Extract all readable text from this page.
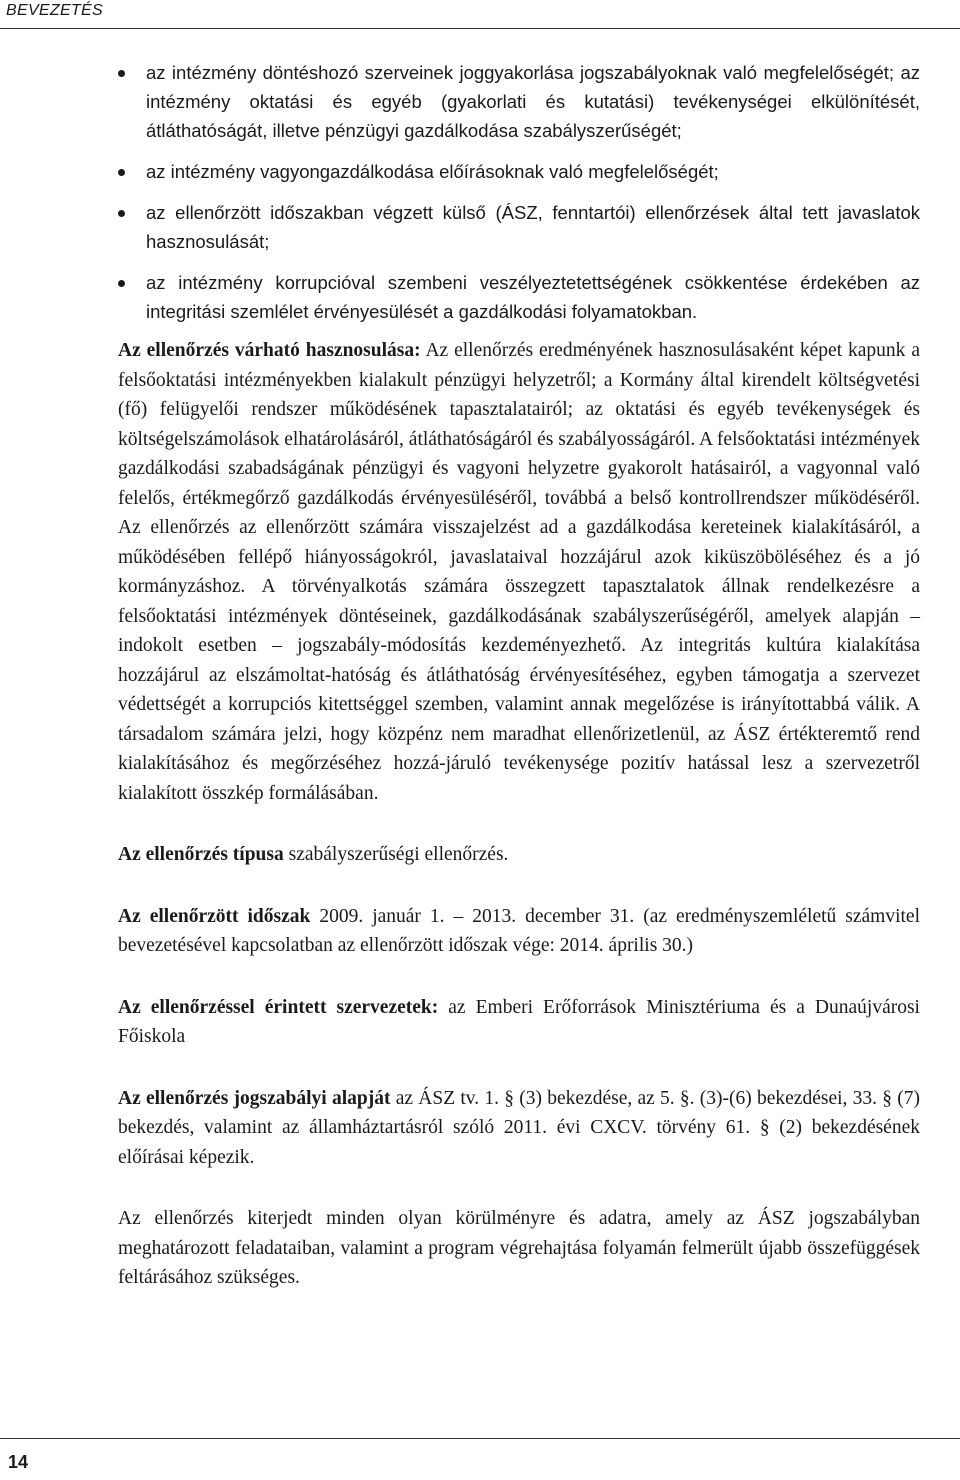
BEVEZETÉS
az intézmény döntéshozó szerveinek joggyakorlása jogszabályoknak való megfelelőségét; az intézmény oktatási és egyéb (gyakorlati és kutatási) tevékenységei elkülönítését, átláthatóságát, illetve pénzügyi gazdálkodása szabályszerűségét;
az intézmény vagyongazdálkodása előírásoknak való megfelelőségét;
az ellenőrzött időszakban végzett külső (ÁSZ, fenntartói) ellenőrzések által tett javaslatok hasznosulását;
az intézmény korrupcióval szembeni veszélyeztetettségének csökkentése érdekében az integritási szemlélet érvényesülését a gazdálkodási folyamatokban.

Az ellenőrzés várható hasznosulása: Az ellenőrzés eredményének hasznosulásaként képet kapunk a felsőoktatási intézményekben kialakult pénzügyi helyzetről; a Kormány által kirendelt költségvetési (fő) felügyelői rendszer működésének tapasztalatairól; az oktatási és egyéb tevékenységek és költségelszámolások elhatárolásáról, átláthatóságáról és szabályosságáról. A felsőoktatási intézmények gazdálkodási szabadságának pénzügyi és vagyoni helyzetre gyakorolt hatásairól, a vagyonnal való felelős, értékmegőrző gazdálkodás érvényesüléséről, továbbá a belső kontrollrendszer működéséről. Az ellenőrzés az ellenőrzött számára visszajelzést ad a gazdálkodása kereteinek kialakításáról, a működésében fellépő hiányosságokról, javaslataival hozzájárul azok kiküszöböléséhez és a jó kormányzáshoz. A törvényalkotás számára összegzett tapasztalatok állnak rendelkezésre a felsőoktatási intézmények döntéseinek, gazdálkodásának szabályszerűségéről, amelyek alapján – indokolt esetben – jogszabály-módosítás kezdeményezhető. Az integritás kultúra kialakítása hozzájárul az elszámoltat-hatóság és átláthatóság érvényesítéséhez, egyben támogatja a szervezet védettségét a korrupciós kitettséggel szemben, valamint annak megelőzése is irányítottabbá válik. A társadalom számára jelzi, hogy közpénz nem maradhat ellenőrizetlenül, az ÁSZ értékteremtő rend kialakításához és megőrzéséhez hozzá-járuló tevékenysége pozitív hatással lesz a szervezetről kialakított összkép formálásában.

Az ellenőrzés típusa szabályszerűségi ellenőrzés.

Az ellenőrzött időszak 2009. január 1. – 2013. december 31. (az eredményszemléletű számvitel bevezetésével kapcsolatban az ellenőrzött időszak vége: 2014. április 30.)

Az ellenőrzéssel érintett szervezetek: az Emberi Erőforrások Minisztériuma és a Dunaújvárosi Főiskola

Az ellenőrzés jogszabályi alapját az ÁSZ tv. 1. § (3) bekezdése, az 5. §. (3)-(6) bekezdései, 33. § (7) bekezdés, valamint az államháztartásról szóló 2011. évi CXCV. törvény 61. § (2) bekezdésének előírásai képezik.

Az ellenőrzés kiterjedt minden olyan körülményre és adatra, amely az ÁSZ jogszabályban meghatározott feladataiban, valamint a program végrehajtása folyamán felmerült újabb összefüggések feltárásához szükséges.

14
